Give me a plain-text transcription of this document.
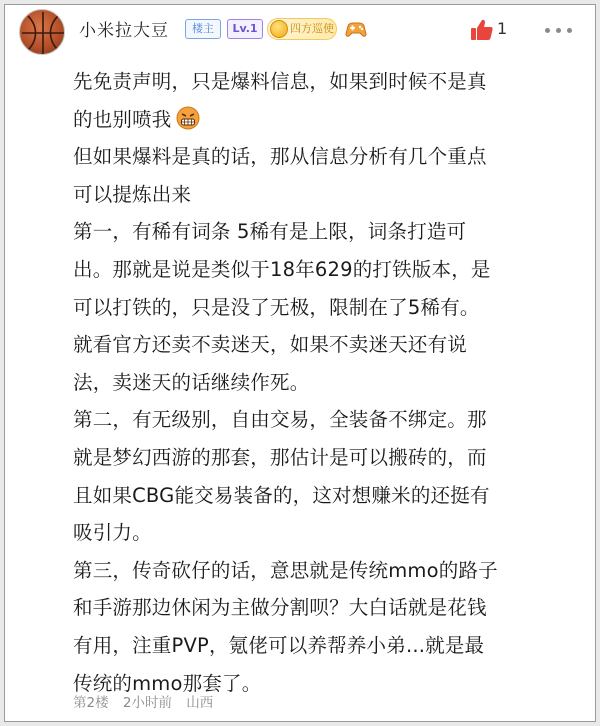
小米拉大豆	楼主	Lv.1	四方巡使	1

先免责声明，只是爆料信息，如果到时候不是真

的也别喷我

但如果爆料是真的话，那从信息分析有几个重点

可以提炼出来

第一，有稀有词条 5稀有是上限，词条打造可

出。那就是说是类似于18年629的打铁版本，是

可以打铁的，只是没了无极，限制在了5稀有。

就看官方还卖不卖迷天，如果不卖迷天还有说

法，卖迷天的话继续作死。

第二，有无级别，自由交易，全装备不绑定。那

就是梦幻西游的那套，那估计是可以搬砖的，而

且如果CBG能交易装备的，这对想赚米的还挺有

吸引力。

第三，传奇砍仔的话，意思就是传统mmo的路子

和手游那边休闲为主做分割呗？大白话就是花钱

有用，注重PVP，氪佬可以养帮养小弟...就是最

传统的mmo那套了。

第2楼 2小时前 山西
